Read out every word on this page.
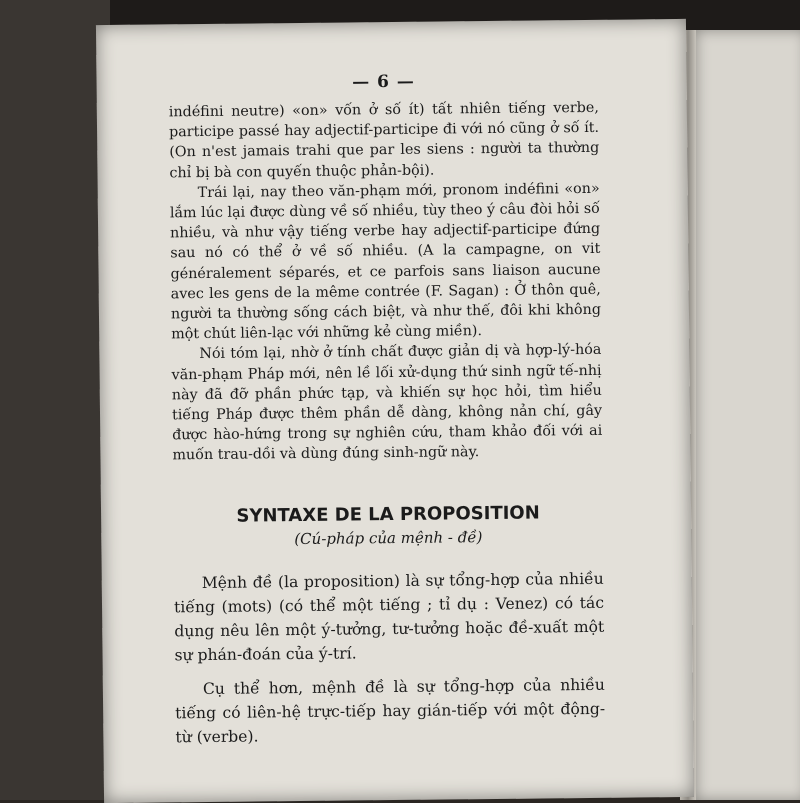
— 6 —

indéfini neutre) «on» vốn ở số ít) tất nhiên tiếng verbe, participe passé hay adjectif-participe đi với nó cũng ở số ít. (On n'est jamais trahi que par les siens : người ta thường chỉ bị bà con quyến thuộc phản-bội).

Trái lại, nay theo văn-phạm mới, pronom indéfini «on» lắm lúc lại được dùng về số nhiều, tùy theo ý câu đòi hỏi số nhiều, và như vậy tiếng verbe hay adjectif-participe đứng sau nó có thể ở về số nhiều. (A la campagne, on vit généralement séparés, et ce parfois sans liaison aucune avec les gens de la même contrée (F. Sagan) : Ở thôn quê, người ta thường sống cách biệt, và như thế, đôi khi không một chút liên-lạc với những kẻ cùng miền).

Nói tóm lại, nhờ ở tính chất được giản dị và hợp-lý-hóa văn-phạm Pháp mới, nên lề lối xử-dụng thứ sinh ngữ tế-nhị này đã đỡ phần phức tạp, và khiến sự học hỏi, tìm hiểu tiếng Pháp được thêm phần dễ dàng, không nản chí, gây được hào-hứng trong sự nghiên cứu, tham khảo đối với ai muốn trau-dồi và dùng đúng sinh-ngữ này.

SYNTAXE DE LA PROPOSITION

(Cú-pháp của mệnh - đề)

Mệnh đề (la proposition) là sự tổng-hợp của nhiều tiếng (mots) (có thể một tiếng ; tỉ dụ : Venez) có tác dụng nêu lên một ý-tưởng, tư-tưởng hoặc đề-xuất một sự phán-đoán của ý-trí.

Cụ thể hơn, mệnh đề là sự tổng-hợp của nhiều tiếng có liên-hệ trực-tiếp hay gián-tiếp với một động-từ (verbe).
